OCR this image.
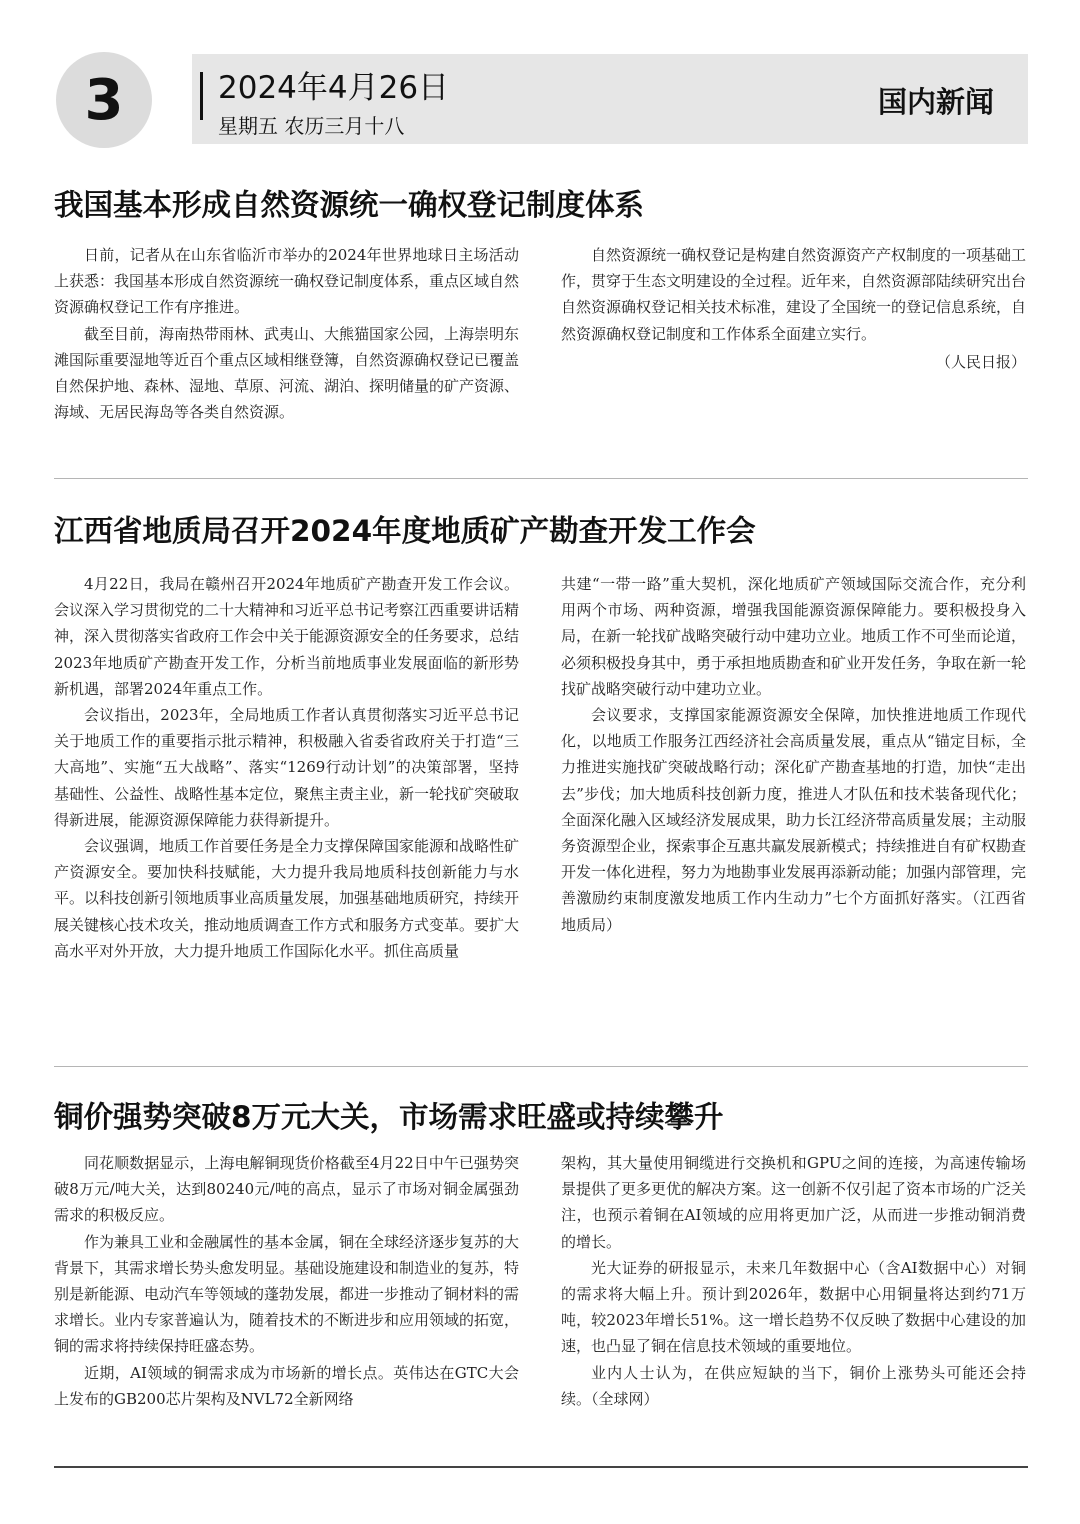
3	2024年4月26日
星期五 农历三月十八
国内新闻
我国基本形成自然资源统一确权登记制度体系

日前，记者从在山东省临沂市举办的2024年世界地球日主场活动上获悉：我国基本形成自然资源统一确权登记制度体系，重点区域自然资源确权登记工作有序推进。

截至目前，海南热带雨林、武夷山、大熊猫国家公园，上海崇明东滩国际重要湿地等近百个重点区域相继登簿，自然资源确权登记已覆盖自然保护地、森林、湿地、草原、河流、湖泊、探明储量的矿产资源、海域、无居民海岛等各类自然资源。

自然资源统一确权登记是构建自然资源资产产权制度的一项基础工作，贯穿于生态文明建设的全过程。近年来，自然资源部陆续研究出台自然资源确权登记相关技术标准，建设了全国统一的登记信息系统，自然资源确权登记制度和工作体系全面建立实行。

（人民日报）

江西省地质局召开2024年度地质矿产勘查开发工作会

4月22日，我局在赣州召开2024年地质矿产勘查开发工作会议。会议深入学习贯彻党的二十大精神和习近平总书记考察江西重要讲话精神，深入贯彻落实省政府工作会中关于能源资源安全的任务要求，总结2023年地质矿产勘查开发工作，分析当前地质事业发展面临的新形势新机遇，部署2024年重点工作。

会议指出，2023年，全局地质工作者认真贯彻落实习近平总书记关于地质工作的重要指示批示精神，积极融入省委省政府关于打造“三大高地”、实施“五大战略”、落实“1269行动计划”的决策部署，坚持基础性、公益性、战略性基本定位，聚焦主责主业，新一轮找矿突破取得新进展，能源资源保障能力获得新提升。

会议强调，地质工作首要任务是全力支撑保障国家能源和战略性矿产资源安全。要加快科技赋能，大力提升我局地质科技创新能力与水平。以科技创新引领地质事业高质量发展，加强基础地质研究，持续开展关键核心技术攻关，推动地质调查工作方式和服务方式变革。要扩大高水平对外开放，大力提升地质工作国际化水平。抓住高质量

共建“一带一路”重大契机，深化地质矿产领域国际交流合作，充分利用两个市场、两种资源，增强我国能源资源保障能力。要积极投身入局，在新一轮找矿战略突破行动中建功立业。地质工作不可坐而论道，必须积极投身其中，勇于承担地质勘查和矿业开发任务，争取在新一轮找矿战略突破行动中建功立业。

会议要求，支撑国家能源资源安全保障，加快推进地质工作现代化，以地质工作服务江西经济社会高质量发展，重点从“锚定目标，全力推进实施找矿突破战略行动；深化矿产勘查基地的打造，加快“走出去”步伐；加大地质科技创新力度，推进人才队伍和技术装备现代化；全面深化融入区域经济发展成果，助力长江经济带高质量发展；主动服务资源型企业，探索事企互惠共赢发展新模式；持续推进自有矿权勘查开发一体化进程，努力为地勘事业发展再添新动能；加强内部管理，完善激励约束制度激发地质工作内生动力”七个方面抓好落实。（江西省地质局）

铜价强势突破8万元大关，市场需求旺盛或持续攀升

同花顺数据显示，上海电解铜现货价格截至4月22日中午已强势突破8万元/吨大关，达到80240元/吨的高点，显示了市场对铜金属强劲需求的积极反应。

作为兼具工业和金融属性的基本金属，铜在全球经济逐步复苏的大背景下，其需求增长势头愈发明显。基础设施建设和制造业的复苏，特别是新能源、电动汽车等领域的蓬勃发展，都进一步推动了铜材料的需求增长。业内专家普遍认为，随着技术的不断进步和应用领域的拓宽，铜的需求将持续保持旺盛态势。

近期，AI领域的铜需求成为市场新的增长点。英伟达在GTC大会上发布的GB200芯片架构及NVL72全新网络

架构，其大量使用铜缆进行交换机和GPU之间的连接，为高速传输场景提供了更多更优的解决方案。这一创新不仅引起了资本市场的广泛关注，也预示着铜在AI领域的应用将更加广泛，从而进一步推动铜消费的增长。

光大证券的研报显示，未来几年数据中心（含AI数据中心）对铜的需求将大幅上升。预计到2026年，数据中心用铜量将达到约71万吨，较2023年增长51%。这一增长趋势不仅反映了数据中心建设的加速，也凸显了铜在信息技术领域的重要地位。

业内人士认为，在供应短缺的当下，铜价上涨势头可能还会持续。（全球网）
